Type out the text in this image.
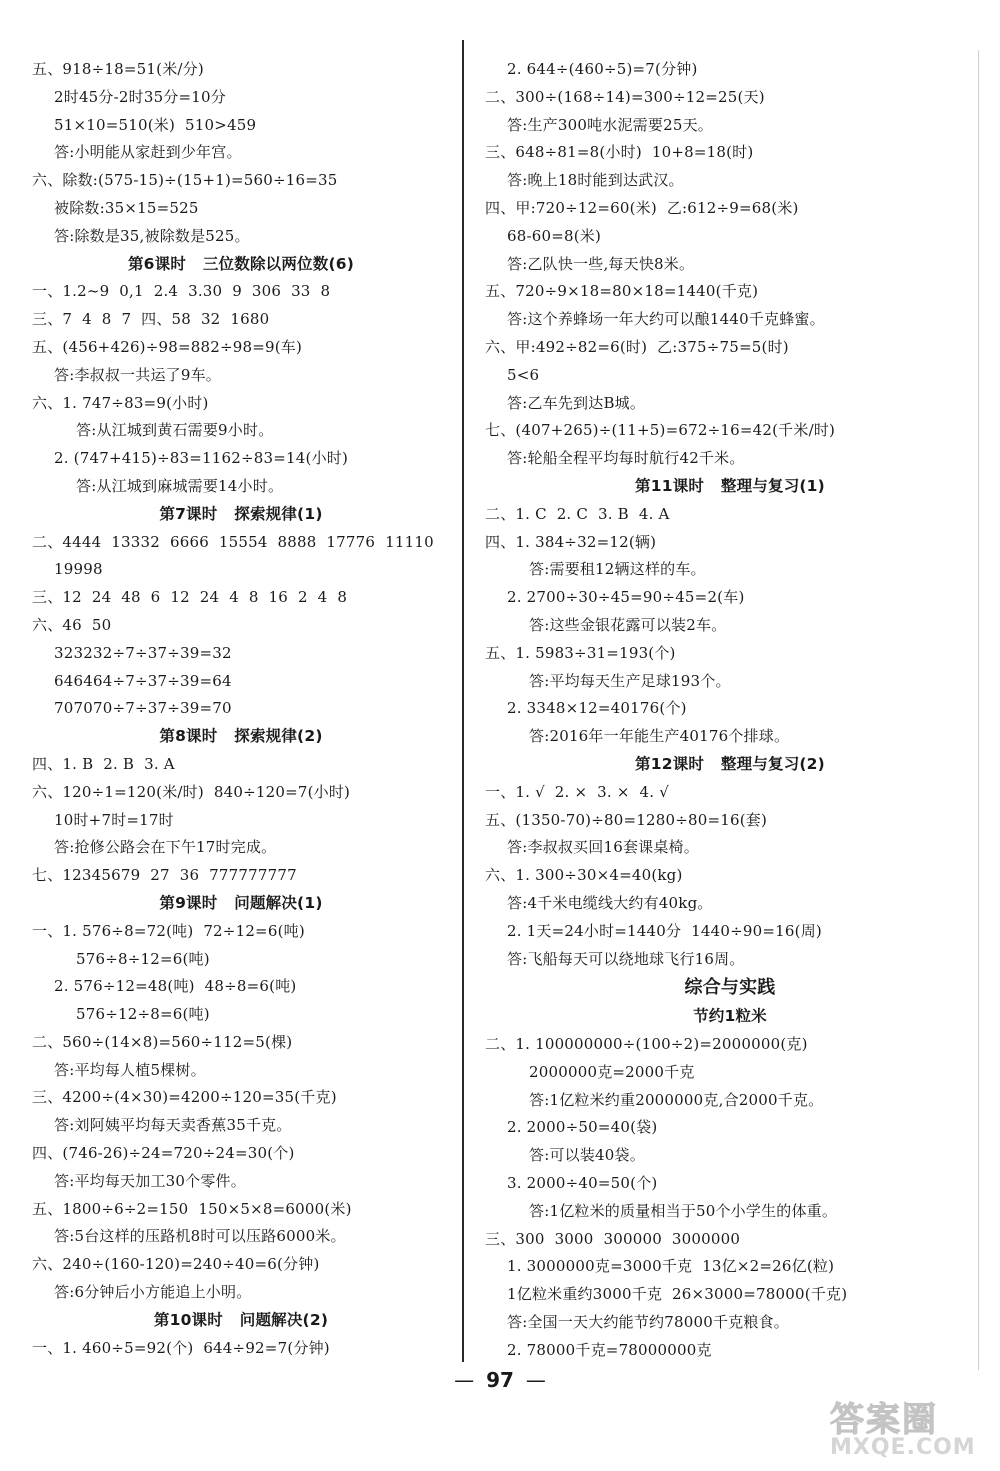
五、918÷18=51(米/分)
2时45分-2时35分=10分
51×10=510(米)  510>459
答:小明能从家赶到少年宫。
六、除数:(575-15)÷(15+1)=560÷16=35
被除数:35×15=525
答:除数是35,被除数是525。
第6课时   三位数除以两位数(6)
一、1.2~9  0,1  2.4  3.30  9  306  33  8
三、7  4  8  7  四、58  32  1680
五、(456+426)÷98=882÷98=9(车)
答:李叔叔一共运了9车。
六、1. 747÷83=9(小时)
答:从江城到黄石需要9小时。
2. (747+415)÷83=1162÷83=14(小时)
答:从江城到麻城需要14小时。
第7课时   探索规律(1)
二、4444  13332  6666  15554  8888  17776  11110
19998
三、12  24  48  6  12  24  4  8  16  2  4  8
六、46  50
323232÷7÷37÷39=32
646464÷7÷37÷39=64
707070÷7÷37÷39=70
第8课时   探索规律(2)
四、1. B  2. B  3. A
六、120÷1=120(米/时)  840÷120=7(小时)
10时+7时=17时
答:抢修公路会在下午17时完成。
七、12345679  27  36  777777777
第9课时   问题解决(1)
一、1. 576÷8=72(吨)  72÷12=6(吨)
576÷8÷12=6(吨)
2. 576÷12=48(吨)  48÷8=6(吨)
576÷12÷8=6(吨)
二、560÷(14×8)=560÷112=5(棵)
答:平均每人植5棵树。
三、4200÷(4×30)=4200÷120=35(千克)
答:刘阿姨平均每天卖香蕉35千克。
四、(746-26)÷24=720÷24=30(个)
答:平均每天加工30个零件。
五、1800÷6÷2=150  150×5×8=6000(米)
答:5台这样的压路机8时可以压路6000米。
六、240÷(160-120)=240÷40=6(分钟)
答:6分钟后小方能追上小明。
第10课时   问题解决(2)
一、1. 460÷5=92(个)  644÷92=7(分钟)
2. 644÷(460÷5)=7(分钟)
二、300÷(168÷14)=300÷12=25(天)
答:生产300吨水泥需要25天。
三、648÷81=8(小时)  10+8=18(时)
答:晚上18时能到达武汉。
四、甲:720÷12=60(米)  乙:612÷9=68(米)
68-60=8(米)
答:乙队快一些,每天快8米。
五、720÷9×18=80×18=1440(千克)
答:这个养蜂场一年大约可以酿1440千克蜂蜜。
六、甲:492÷82=6(时)  乙:375÷75=5(时)
5<6
答:乙车先到达B城。
七、(407+265)÷(11+5)=672÷16=42(千米/时)
答:轮船全程平均每时航行42千米。
第11课时   整理与复习(1)
二、1. C  2. C  3. B  4. A
四、1. 384÷32=12(辆)
答:需要租12辆这样的车。
2. 2700÷30÷45=90÷45=2(车)
答:这些金银花露可以装2车。
五、1. 5983÷31=193(个)
答:平均每天生产足球193个。
2. 3348×12=40176(个)
答:2016年一年能生产40176个排球。
第12课时   整理与复习(2)
一、1. √  2. ×  3. ×  4. √
五、(1350-70)÷80=1280÷80=16(套)
答:李叔叔买回16套课桌椅。
六、1. 300÷30×4=40(kg)
答:4千米电缆线大约有40kg。
2. 1天=24小时=1440分  1440÷90=16(周)
答:飞船每天可以绕地球飞行16周。
综合与实践
节约1粒米
二、1. 100000000÷(100÷2)=2000000(克)
2000000克=2000千克
答:1亿粒米约重2000000克,合2000千克。
2. 2000÷50=40(袋)
答:可以装40袋。
3. 2000÷40=50(个)
答:1亿粒米的质量相当于50个小学生的体重。
三、300  3000  300000  3000000
1. 3000000克=3000千克  13亿×2=26亿(粒)
1亿粒米重约3000千克  26×3000=78000(千克)
答:全国一天大约能节约78000千克粮食。
2. 78000千克=78000000克
— 97 —
答案圈
MXQE.COM
